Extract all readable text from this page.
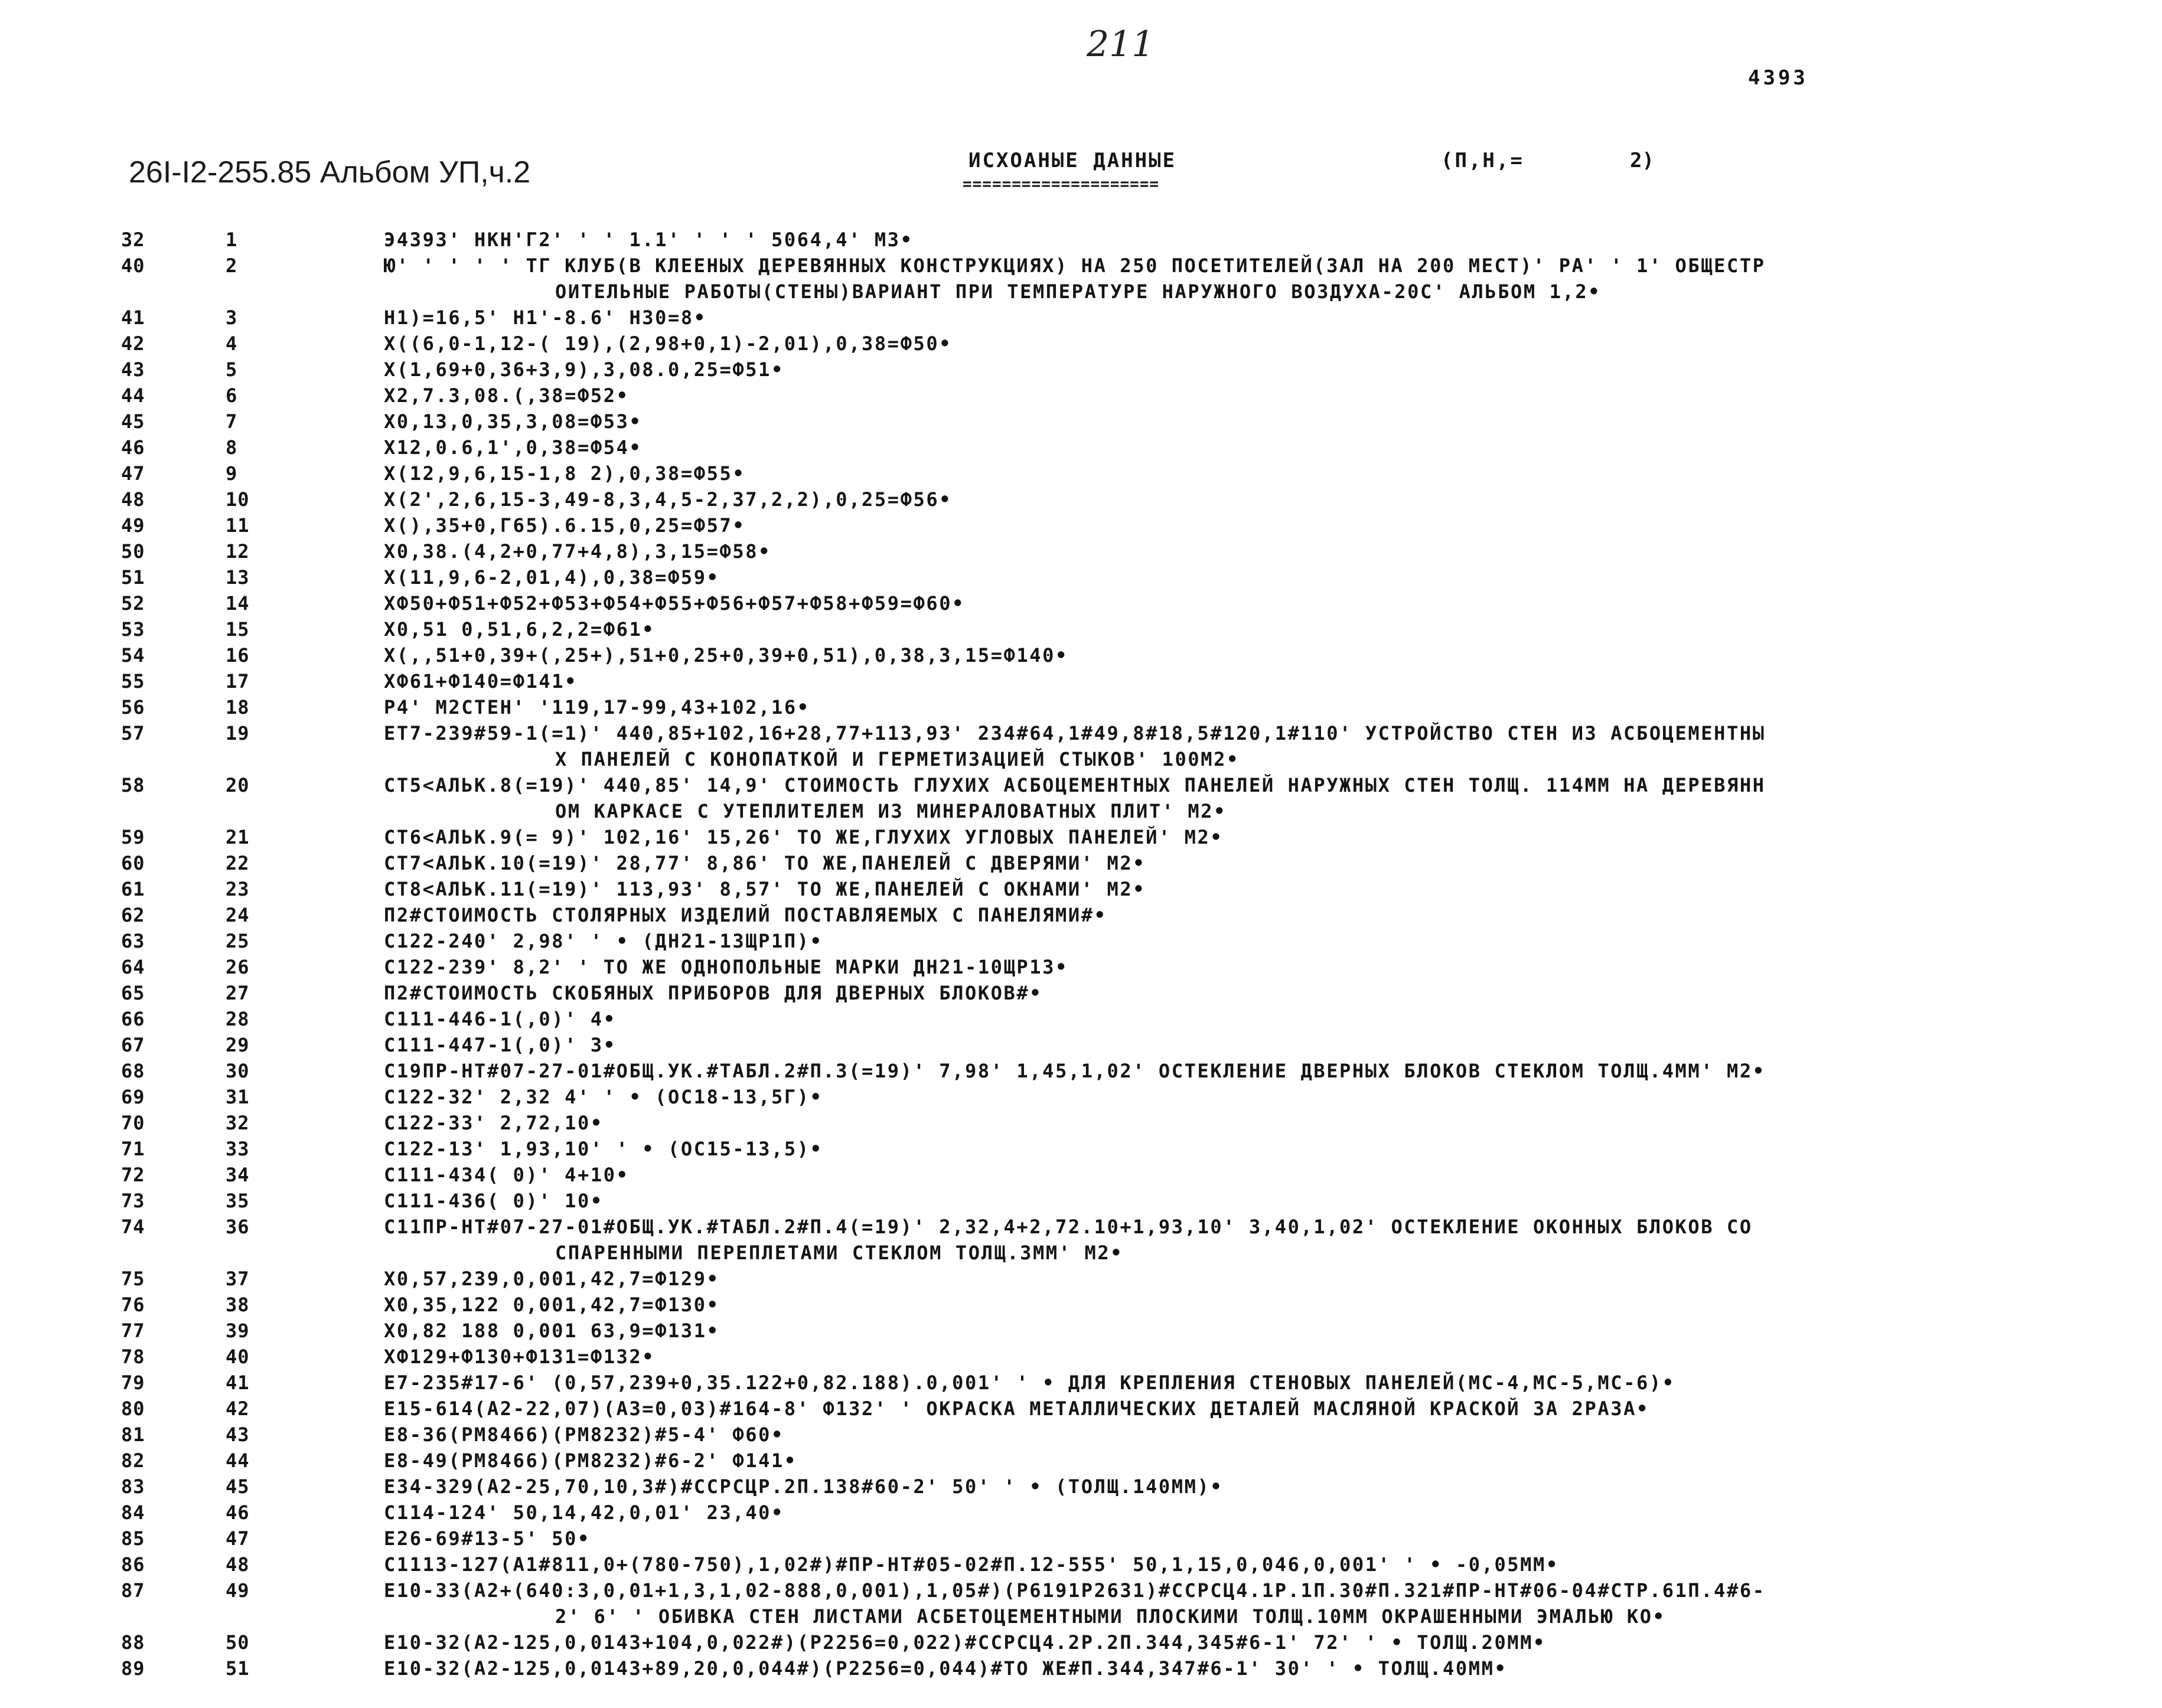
211
4393
26I-I2-255.85 Альбом УП,ч.2	ИСХОАНЫЕ ДАННЫЕ
====================
(П,Н,=	2)
32	1	Э4393' НКН'Г2' ' ' 1.1' ' ' ' 5064,4' М3•
40	2	Ю' ' ' ' ' ТГ КЛУБ(В КЛЕЕНЫХ ДЕРЕВЯННЫХ КОНСТРУКЦИЯХ) НА 250 ПОСЕТИТЕЛЕЙ(ЗАЛ НА 200 МЕСТ)' РА' ' 1' ОБЩЕСТР
ОИТЕЛЬНЫЕ РАБОТЫ(СТЕНЫ)ВАРИАНТ ПРИ ТЕМПЕРАТУРЕ НАРУЖНОГО ВОЗДУХА-20С' АЛЬБОМ 1,2•
41	3	Н1)=16,5' Н1'-8.6' Н30=8•
42	4	Х((6,0-1,12-( 19),(2,98+0,1)-2,01),0,38=Ф50•
43	5	Х(1,69+0,36+3,9),3,08.0,25=Ф51•
44	6	Х2,7.3,08.(,38=Ф52•
45	7	Х0,13,0,35,3,08=Ф53•
46	8	Х12,0.6,1',0,38=Ф54•
47	9	Х(12,9,6,15-1,8 2),0,38=Ф55•
48	10	Х(2',2,6,15-3,49-8,3,4,5-2,37,2,2),0,25=Ф56•
49	11	Х(),35+0,Г65).6.15,0,25=Ф57•
50	12	Х0,38.(4,2+0,77+4,8),3,15=Ф58•
51	13	Х(11,9,6-2,01,4),0,38=Ф59•
52	14	ХФ50+Ф51+Ф52+Ф53+Ф54+Ф55+Ф56+Ф57+Ф58+Ф59=Ф60•
53	15	Х0,51 0,51,6,2,2=Ф61•
54	16	Х(,,51+0,39+(,25+),51+0,25+0,39+0,51),0,38,3,15=Ф140•
55	17	ХФ61+Ф140=Ф141•
56	18	Р4' М2СТЕН' '119,17-99,43+102,16•
57	19	ЕТ7-239#59-1(=1)' 440,85+102,16+28,77+113,93' 234#64,1#49,8#18,5#120,1#110' УСТРОЙСТВО СТЕН ИЗ АСБОЦЕМЕНТНЫ
Х ПАНЕЛЕЙ С КОНОПАТКОЙ И ГЕРМЕТИЗАЦИЕЙ СТЫКОВ' 100М2•
58	20	СТ5<АЛЬК.8(=19)' 440,85' 14,9' СТОИМОСТЬ ГЛУХИХ АСБОЦЕМЕНТНЫХ ПАНЕЛЕЙ НАРУЖНЫХ СТЕН ТОЛЩ. 114ММ НА ДЕРЕВЯНН
ОМ КАРКАСЕ С УТЕПЛИТЕЛЕМ ИЗ МИНЕРАЛОВАТНЫХ ПЛИТ' М2•
59	21	СТ6<АЛЬК.9(= 9)' 102,16' 15,26' ТО ЖЕ,ГЛУХИХ УГЛОВЫХ ПАНЕЛЕЙ' М2•
60	22	СТ7<АЛЬК.10(=19)' 28,77' 8,86' ТО ЖЕ,ПАНЕЛЕЙ С ДВЕРЯМИ' М2•
61	23	СТ8<АЛЬК.11(=19)' 113,93' 8,57' ТО ЖЕ,ПАНЕЛЕЙ С ОКНАМИ' М2•
62	24	П2#СТОИМОСТЬ СТОЛЯРНЫХ ИЗДЕЛИЙ ПОСТАВЛЯЕМЫХ С ПАНЕЛЯМИ#•
63	25	С122-240' 2,98' ' • (ДН21-13ЩР1П)•
64	26	С122-239' 8,2' ' ТО ЖЕ ОДНОПОЛЬНЫЕ МАРКИ ДН21-10ЩР13•
65	27	П2#СТОИМОСТЬ СКОБЯНЫХ ПРИБОРОВ ДЛЯ ДВЕРНЫХ БЛОКОВ#•
66	28	С111-446-1(,0)' 4•
67	29	С111-447-1(,0)' 3•
68	30	С19ПР-НТ#07-27-01#ОБЩ.УК.#ТАБЛ.2#П.3(=19)' 7,98' 1,45,1,02' ОСТЕКЛЕНИЕ ДВЕРНЫХ БЛОКОВ СТЕКЛОМ ТОЛЩ.4ММ' М2•
69	31	С122-32' 2,32 4' ' • (ОС18-13,5Г)•
70	32	С122-33' 2,72,10•
71	33	С122-13' 1,93,10' ' • (ОС15-13,5)•
72	34	С111-434( 0)' 4+10•
73	35	С111-436( 0)' 10•
74	36	С11ПР-НТ#07-27-01#ОБЩ.УК.#ТАБЛ.2#П.4(=19)' 2,32,4+2,72.10+1,93,10' 3,40,1,02' ОСТЕКЛЕНИЕ ОКОННЫХ БЛОКОВ СО
СПАРЕННЫМИ ПЕРЕПЛЕТАМИ СТЕКЛОМ ТОЛЩ.3ММ' М2•
75	37	Х0,57,239,0,001,42,7=Ф129•
76	38	Х0,35,122 0,001,42,7=Ф130•
77	39	Х0,82 188 0,001 63,9=Ф131•
78	40	ХФ129+Ф130+Ф131=Ф132•
79	41	Е7-235#17-6' (0,57,239+0,35.122+0,82.188).0,001' ' • ДЛЯ КРЕПЛЕНИЯ СТЕНОВЫХ ПАНЕЛЕЙ(МС-4,МС-5,МС-6)•
80	42	Е15-614(А2-22,07)(А3=0,03)#164-8' Ф132' ' ОКРАСКА МЕТАЛЛИЧЕСКИХ ДЕТАЛЕЙ МАСЛЯНОЙ КРАСКОЙ ЗА 2РАЗА•
81	43	Е8-36(РМ8466)(РМ8232)#5-4' Ф60•
82	44	Е8-49(РМ8466)(РМ8232)#6-2' Ф141•
83	45	Е34-329(А2-25,70,10,3#)#ССРСЦР.2П.138#60-2' 50' ' • (ТОЛЩ.140ММ)•
84	46	С114-124' 50,14,42,0,01' 23,40•
85	47	Е26-69#13-5' 50•
86	48	С1113-127(А1#811,0+(780-750),1,02#)#ПР-НТ#05-02#П.12-555' 50,1,15,0,046,0,001' ' • -0,05ММ•
87	49	Е10-33(А2+(640:3,0,01+1,3,1,02-888,0,001),1,05#)(Р6191Р2631)#ССРСЦ4.1Р.1П.30#П.321#ПР-НТ#06-04#СТР.61П.4#6-
2' 6' ' ОБИВКА СТЕН ЛИСТАМИ АСБЕТОЦЕМЕНТНЫМИ ПЛОСКИМИ ТОЛЩ.10ММ ОКРАШЕННЫМИ ЭМАЛЬЮ КО•
88	50	Е10-32(А2-125,0,0143+104,0,022#)(Р2256=0,022)#ССРСЦ4.2Р.2П.344,345#6-1' 72' ' • ТОЛЩ.20ММ•
89	51	Е10-32(А2-125,0,0143+89,20,0,044#)(Р2256=0,044)#ТО ЖЕ#П.344,347#6-1' 30' ' • ТОЛЩ.40ММ•
